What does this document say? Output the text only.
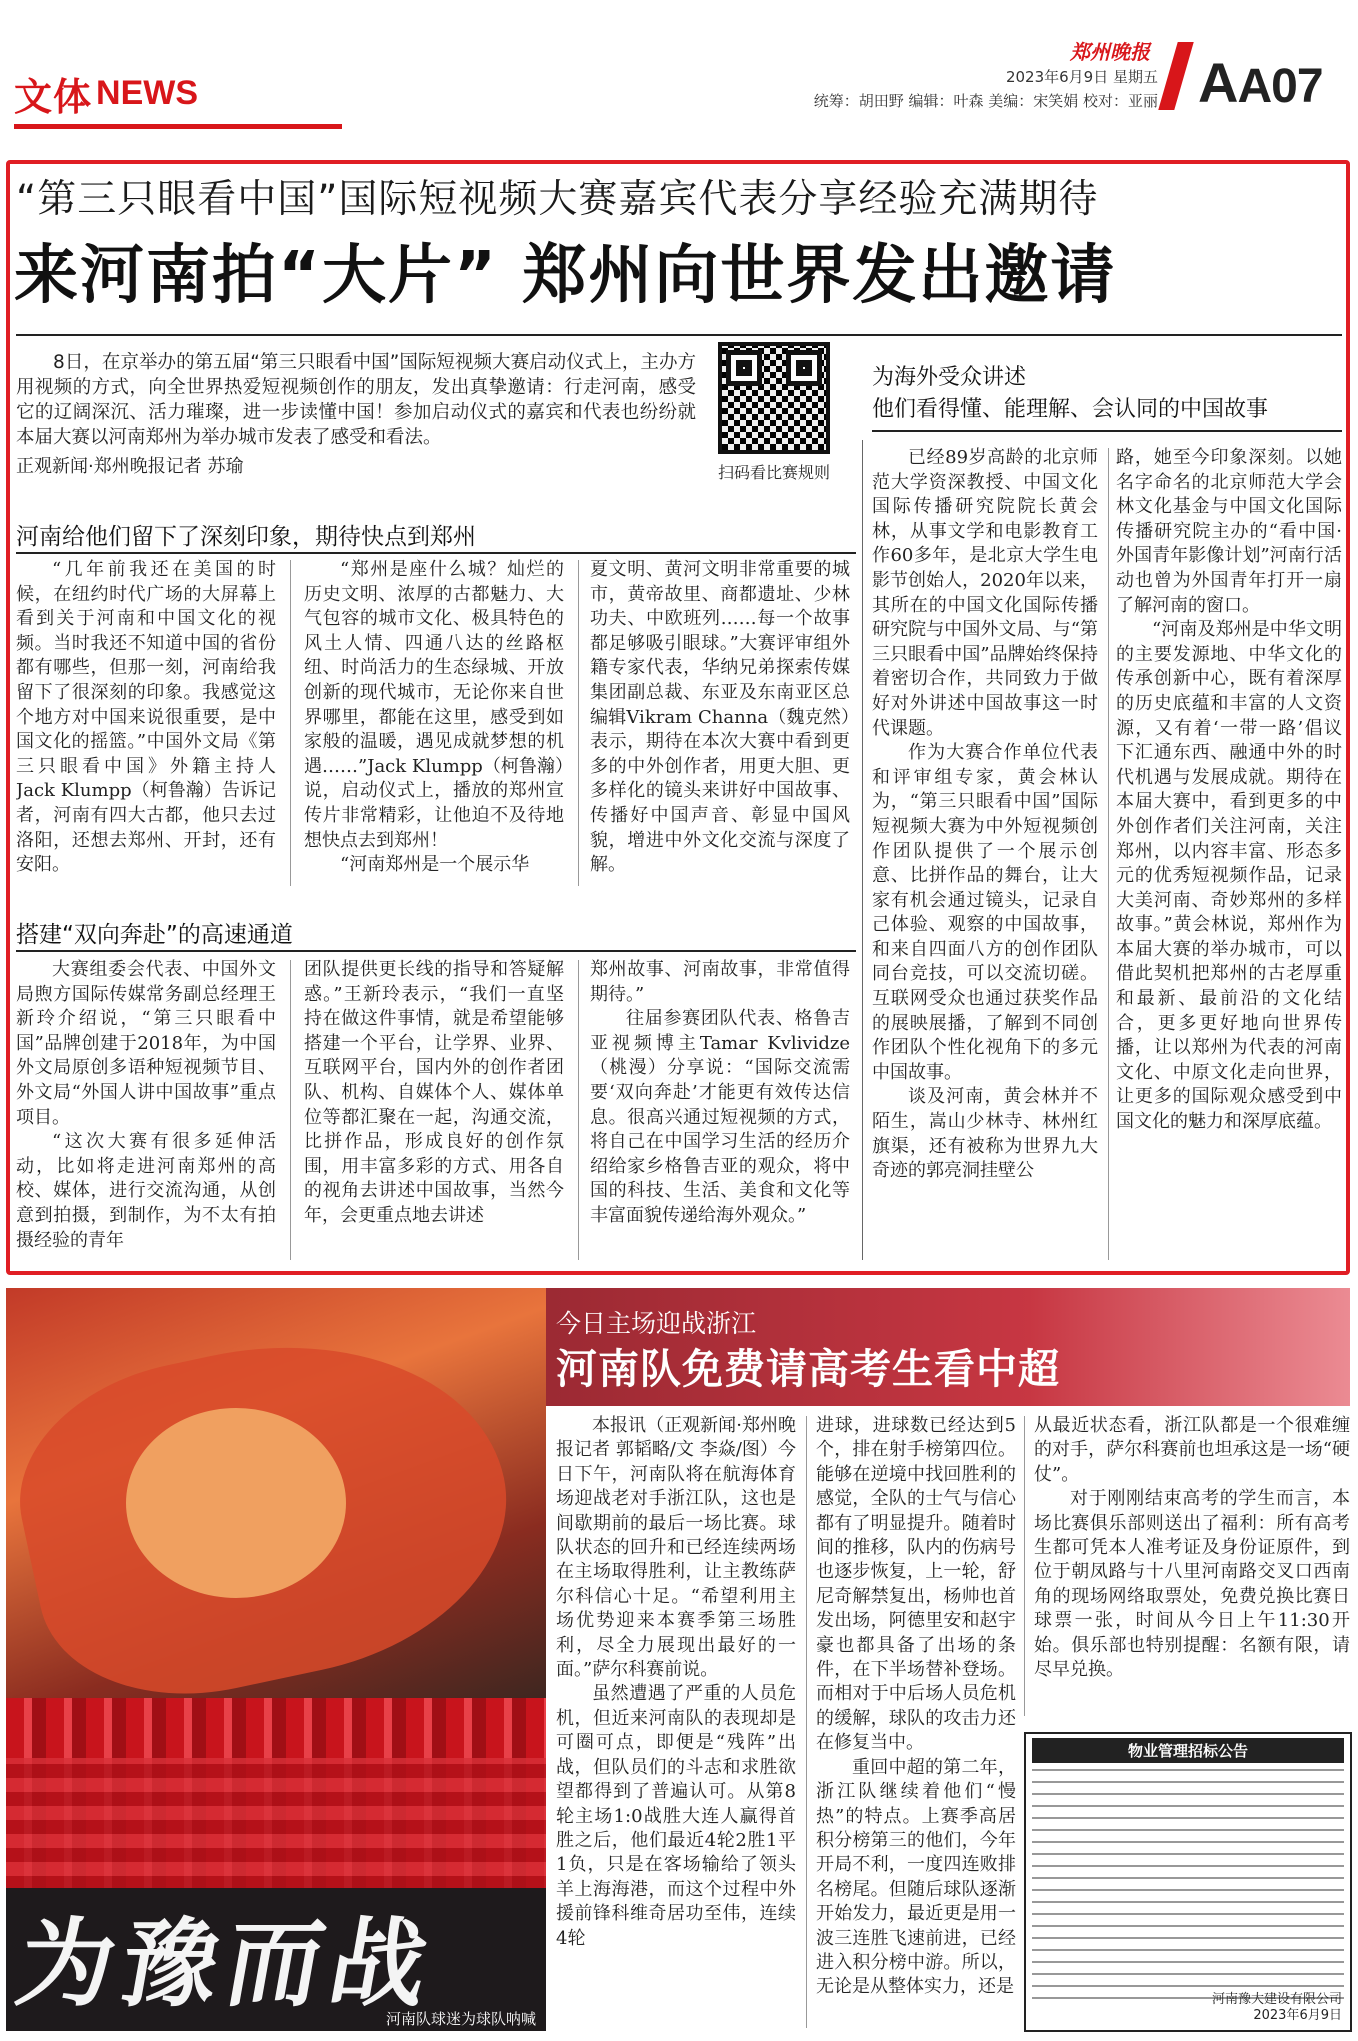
文体 NEWS
郑州晚报
2023年6月9日 星期五
统筹：胡田野 编辑：叶森 美编：宋笑娟 校对：亚丽 AA07
“第三只眼看中国”国际短视频大赛嘉宾代表分享经验充满期待
来河南拍“大片” 郑州向世界发出邀请
8日，在京举办的第五届“第三只眼看中国”国际短视频大赛启动仪式上，主办方用视频的方式，向全世界热爱短视频创作的朋友，发出真挚邀请：行走河南，感受它的辽阔深沉、活力璀璨，进一步读懂中国！参加启动仪式的嘉宾和代表也纷纷就本届大赛以河南郑州为举办城市发表了感受和看法。
正观新闻·郑州晚报记者 苏瑜	扫码看比赛规则
为海外受众讲述
他们看得懂、能理解、会认同的中国故事
河南给他们留下了深刻印象，期待快点到郑州

“几年前我还在美国的时候，在纽约时代广场的大屏幕上看到关于河南和中国文化的视频。当时我还不知道中国的省份都有哪些，但那一刻，河南给我留下了很深刻的印象。我感觉这个地方对中国来说很重要，是中国文化的摇篮。”中国外文局《第三只眼看中国》外籍主持人 Jack Klumpp（柯鲁瀚）告诉记者，河南有四大古都，他只去过洛阳，还想去郑州、开封，还有安阳。

“郑州是座什么城？灿烂的历史文明、浓厚的古都魅力、大气包容的城市文化、极具特色的风土人情、四通八达的丝路枢纽、时尚活力的生态绿城、开放创新的现代城市，无论你来自世界哪里，都能在这里，感受到如家般的温暖，遇见成就梦想的机遇……”Jack Klumpp（柯鲁瀚）说，启动仪式上，播放的郑州宣传片非常精彩，让他迫不及待地想快点去到郑州！

“河南郑州是一个展示华

夏文明、黄河文明非常重要的城市，黄帝故里、商都遗址、少林功夫、中欧班列……每一个故事都足够吸引眼球。”大赛评审组外籍专家代表，华纳兄弟探索传媒集团副总裁、东亚及东南亚区总编辑Vikram Channa（魏克然）表示，期待在本次大赛中看到更多的中外创作者，用更大胆、更多样化的镜头来讲好中国故事、传播好中国声音、彰显中国风貌，增进中外文化交流与深度了解。

搭建“双向奔赴”的高速通道

大赛组委会代表、中国外文局煦方国际传媒常务副总经理王新玲介绍说，“第三只眼看中国”品牌创建于2018年，为中国外文局原创多语种短视频节目、外文局“外国人讲中国故事”重点项目。

“这次大赛有很多延伸活动，比如将走进河南郑州的高校、媒体，进行交流沟通，从创意到拍摄，到制作，为不太有拍摄经验的青年

团队提供更长线的指导和答疑解惑。”王新玲表示，“我们一直坚持在做这件事情，就是希望能够搭建一个平台，让学界、业界、互联网平台，国内外的创作者团队、机构、自媒体个人、媒体单位等都汇聚在一起，沟通交流，比拼作品，形成良好的创作氛围，用丰富多彩的方式、用各自的视角去讲述中国故事，当然今年，会更重点地去讲述

郑州故事、河南故事，非常值得期待。”

往届参赛团队代表、格鲁吉亚视频博主Tamar Kvlividze（桃漫）分享说：“国际交流需要‘双向奔赴’才能更有效传达信息。很高兴通过短视频的方式，将自己在中国学习生活的经历介绍给家乡格鲁吉亚的观众，将中国的科技、生活、美食和文化等丰富面貌传递给海外观众。”

已经89岁高龄的北京师范大学资深教授、中国文化国际传播研究院院长黄会林，从事文学和电影教育工作60多年，是北京大学生电影节创始人，2020年以来，其所在的中国文化国际传播研究院与中国外文局、与“第三只眼看中国”品牌始终保持着密切合作，共同致力于做好对外讲述中国故事这一时代课题。

作为大赛合作单位代表和评审组专家，黄会林认为，“第三只眼看中国”国际短视频大赛为中外短视频创作团队提供了一个展示创意、比拼作品的舞台，让大家有机会通过镜头，记录自己体验、观察的中国故事，和来自四面八方的创作团队同台竞技，可以交流切磋。互联网受众也通过获奖作品的展映展播，了解到不同创作团队个性化视角下的多元中国故事。

谈及河南，黄会林并不陌生，嵩山少林寺、林州红旗渠，还有被称为世界九大奇迹的郭亮洞挂壁公

路，她至今印象深刻。以她名字命名的北京师范大学会林文化基金与中国文化国际传播研究院主办的“看中国·外国青年影像计划”河南行活动也曾为外国青年打开一扇了解河南的窗口。

“河南及郑州是中华文明的主要发源地、中华文化的传承创新中心，既有着深厚的历史底蕴和丰富的人文资源，又有着‘一带一路’倡议下汇通东西、融通中外的时代机遇与发展成就。期待在本届大赛中，看到更多的中外创作者们关注河南，关注郑州，以内容丰富、形态多元的优秀短视频作品，记录大美河南、奇妙郑州的多样故事。”黄会林说，郑州作为本届大赛的举办城市，可以借此契机把郑州的古老厚重和最新、最前沿的文化结合，更多更好地向世界传播，让以郑州为代表的河南文化、中原文化走向世界，让更多的国际观众感受到中国文化的魅力和深厚底蕴。

为豫而战
河南队球迷为球队呐喊
今日主场迎战浙江
河南队免费请高考生看中超

本报讯（正观新闻·郑州晚报记者 郭韬略/文 李焱/图）今日下午，河南队将在航海体育场迎战老对手浙江队，这也是间歇期前的最后一场比赛。球队状态的回升和已经连续两场在主场取得胜利，让主教练萨尔科信心十足。“希望利用主场优势迎来本赛季第三场胜利，尽全力展现出最好的一面。”萨尔科赛前说。

虽然遭遇了严重的人员危机，但近来河南队的表现却是可圈可点，即便是“残阵”出战，但队员们的斗志和求胜欲望都得到了普遍认可。从第8轮主场1:0战胜大连人赢得首胜之后，他们最近4轮2胜1平1负，只是在客场输给了领头羊上海海港，而这个过程中外援前锋科维奇居功至伟，连续4轮

进球，进球数已经达到5个，排在射手榜第四位。能够在逆境中找回胜利的感觉，全队的士气与信心都有了明显提升。随着时间的推移，队内的伤病号也逐步恢复，上一轮，舒尼奇解禁复出，杨帅也首发出场，阿德里安和赵宇豪也都具备了出场的条件，在下半场替补登场。而相对于中后场人员危机的缓解，球队的攻击力还在修复当中。

重回中超的第二年，浙江队继续着他们“慢热”的特点。上赛季高居积分榜第三的他们，今年开局不利，一度四连败排名榜尾。但随后球队逐渐开始发力，最近更是用一波三连胜飞速前进，已经进入积分榜中游。所以，无论是从整体实力，还是

从最近状态看，浙江队都是一个很难缠的对手，萨尔科赛前也坦承这是一场“硬仗”。

对于刚刚结束高考的学生而言，本场比赛俱乐部则送出了福利：所有高考生都可凭本人准考证及身份证原件，到位于朝凤路与十八里河南路交叉口西南角的现场网络取票处，免费兑换比赛日球票一张，时间从今日上午11:30开始。俱乐部也特别提醒：名额有限，请尽早兑换。

物业管理招标公告
河南豫大建设有限公司
2023年6月9日
